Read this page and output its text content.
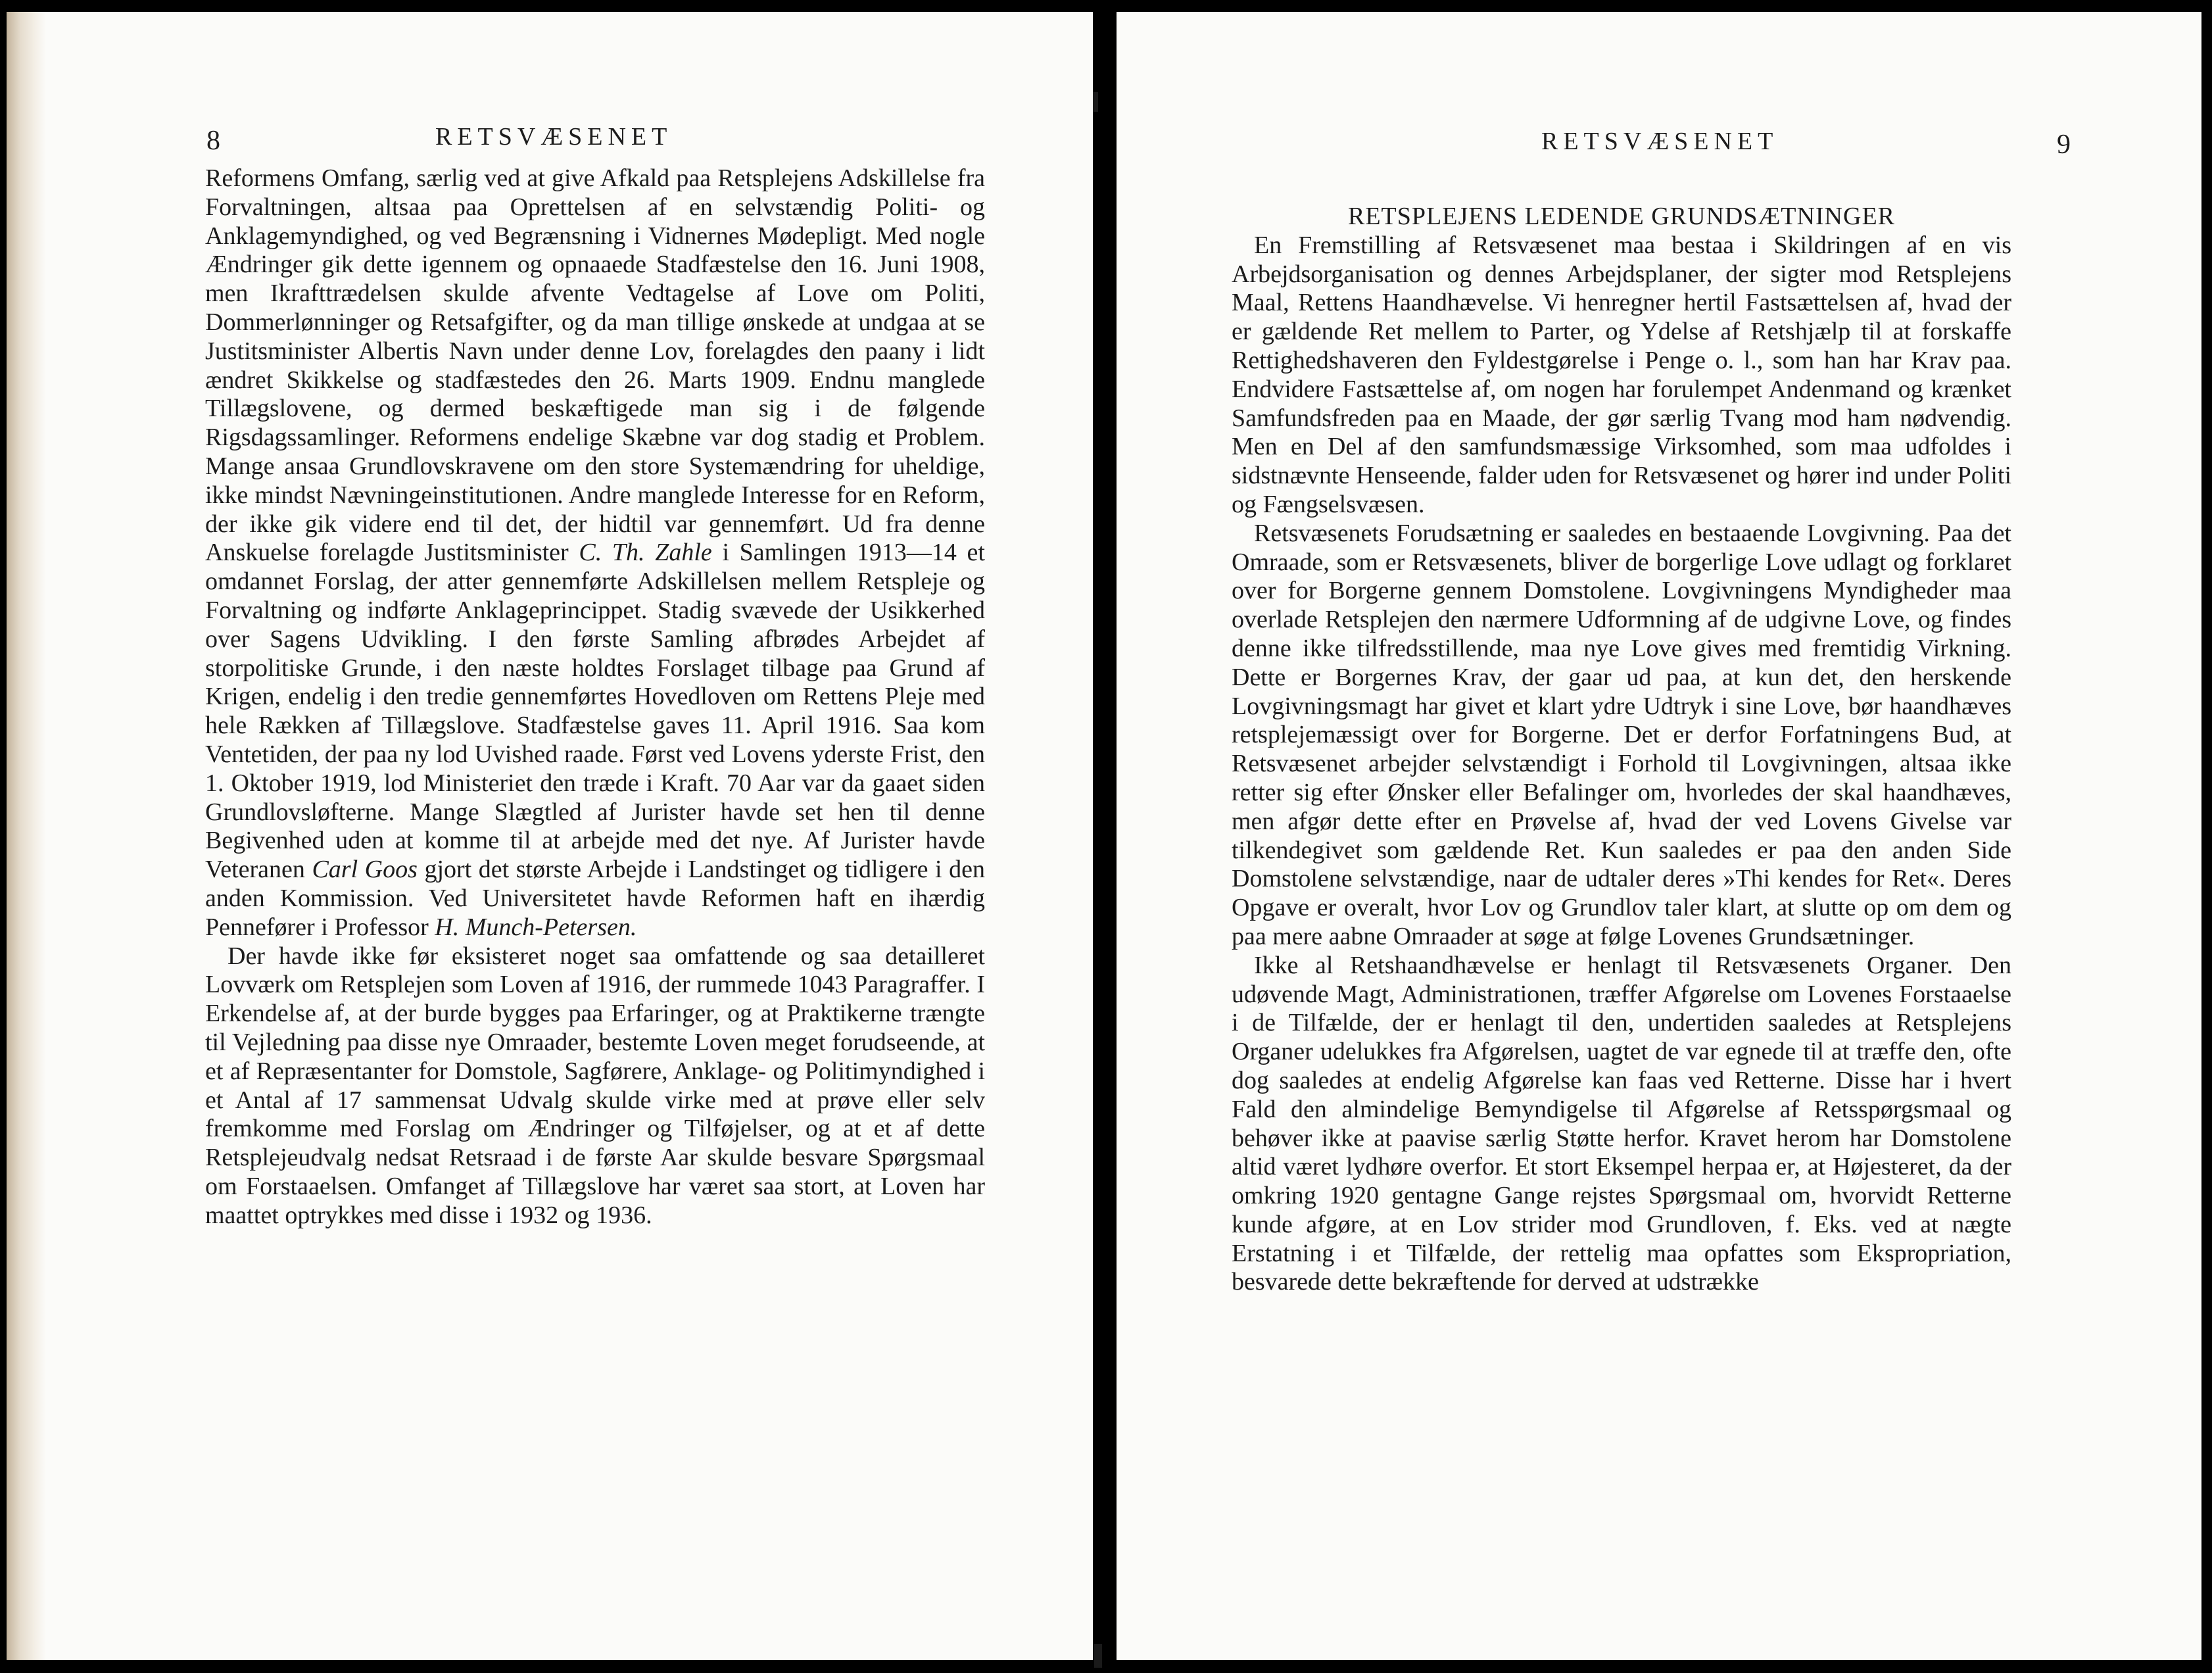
8	RETSVÆSENET

Reformens Omfang, særlig ved at give Afkald paa Retsplejens Adskillelse fra Forvaltningen, altsaa paa Oprettelsen af en selvstændig Politi- og Anklagemyndighed, og ved Begrænsning i Vidnernes Mødepligt. Med nogle Ændringer gik dette igennem og opnaaede Stadfæstelse den 16. Juni 1908, men Ikrafttrædelsen skulde afvente Vedtagelse af Love om Politi, Dommerlønninger og Retsafgifter, og da man tillige ønskede at undgaa at se Justitsminister Albertis Navn under denne Lov, forelagdes den paany i lidt ændret Skikkelse og stadfæstedes den 26. Marts 1909. Endnu manglede Tillægslovene, og dermed beskæftigede man sig i de følgende Rigsdagssamlinger. Reformens endelige Skæbne var dog stadig et Problem. Mange ansaa Grundlovskravene om den store Systemændring for uheldige, ikke mindst Nævningeinstitutionen. Andre manglede Interesse for en Reform, der ikke gik videre end til det, der hidtil var gennemført. Ud fra denne Anskuelse forelagde Justitsminister C. Th. Zahle i Samlingen 1913—14 et omdannet Forslag, der atter gennemførte Adskillelsen mellem Retspleje og Forvaltning og indførte Anklageprincippet. Stadig svævede der Usikkerhed over Sagens Udvikling. I den første Samling afbrødes Arbejdet af storpolitiske Grunde, i den næste holdtes Forslaget tilbage paa Grund af Krigen, endelig i den tredie gennemførtes Hovedloven om Rettens Pleje med hele Rækken af Tillægslove. Stadfæstelse gaves 11. April 1916. Saa kom Ventetiden, der paa ny lod Uvished raade. Først ved Lovens yderste Frist, den 1. Oktober 1919, lod Ministeriet den træde i Kraft. 70 Aar var da gaaet siden Grundlovsløfterne. Mange Slægtled af Jurister havde set hen til denne Begivenhed uden at komme til at arbejde med det nye. Af Jurister havde Veteranen Carl Goos gjort det største Arbejde i Landstinget og tidligere i den anden Kommission. Ved Universitetet havde Reformen haft en ihærdig Pennefører i Professor H. Munch-Petersen.

Der havde ikke før eksisteret noget saa omfattende og saa detailleret Lovværk om Retsplejen som Loven af 1916, der rummede 1043 Paragraffer. I Erkendelse af, at der burde bygges paa Erfaringer, og at Praktikerne trængte til Vejledning paa disse nye Omraader, bestemte Loven meget forudseende, at et af Repræsentanter for Domstole, Sagførere, Anklage- og Politimyndighed i et Antal af 17 sammensat Udvalg skulde virke med at prøve eller selv fremkomme med Forslag om Ændringer og Tilføjelser, og at et af dette Retsplejeudvalg nedsat Retsraad i de første Aar skulde besvare Spørgsmaal om Forstaaelsen. Omfanget af Tillægslove har været saa stort, at Loven har maattet optrykkes med disse i 1932 og 1936.

RETSVÆSENET	9

RETSPLEJENS LEDENDE GRUNDSÆTNINGER

En Fremstilling af Retsvæsenet maa bestaa i Skildringen af en vis Arbejdsorganisation og dennes Arbejdsplaner, der sigter mod Retsplejens Maal, Rettens Haandhævelse. Vi henregner hertil Fastsættelsen af, hvad der er gældende Ret mellem to Parter, og Ydelse af Retshjælp til at forskaffe Rettighedshaveren den Fyldestgørelse i Penge o. l., som han har Krav paa. Endvidere Fastsættelse af, om nogen har forulempet Andenmand og krænket Samfundsfreden paa en Maade, der gør særlig Tvang mod ham nødvendig. Men en Del af den samfundsmæssige Virksomhed, som maa udfoldes i sidstnævnte Henseende, falder uden for Retsvæsenet og hører ind under Politi og Fængselsvæsen.

Retsvæsenets Forudsætning er saaledes en bestaaende Lovgivning. Paa det Omraade, som er Retsvæsenets, bliver de borgerlige Love udlagt og forklaret over for Borgerne gennem Domstolene. Lovgivningens Myndigheder maa overlade Retsplejen den nærmere Udformning af de udgivne Love, og findes denne ikke tilfredsstillende, maa nye Love gives med fremtidig Virkning. Dette er Borgernes Krav, der gaar ud paa, at kun det, den herskende Lovgivningsmagt har givet et klart ydre Udtryk i sine Love, bør haandhæves retsplejemæssigt over for Borgerne. Det er derfor Forfatningens Bud, at Retsvæsenet arbejder selvstændigt i Forhold til Lovgivningen, altsaa ikke retter sig efter Ønsker eller Befalinger om, hvorledes der skal haandhæves, men afgør dette efter en Prøvelse af, hvad der ved Lovens Givelse var tilkendegivet som gældende Ret. Kun saaledes er paa den anden Side Domstolene selvstændige, naar de udtaler deres »Thi kendes for Ret«. Deres Opgave er overalt, hvor Lov og Grundlov taler klart, at slutte op om dem og paa mere aabne Omraader at søge at følge Lovenes Grundsætninger.

Ikke al Retshaandhævelse er henlagt til Retsvæsenets Organer. Den udøvende Magt, Administrationen, træffer Afgørelse om Lovenes Forstaaelse i de Tilfælde, der er henlagt til den, undertiden saaledes at Retsplejens Organer udelukkes fra Afgørelsen, uagtet de var egnede til at træffe den, ofte dog saaledes at endelig Afgørelse kan faas ved Retterne. Disse har i hvert Fald den almindelige Bemyndigelse til Afgørelse af Retsspørgsmaal og behøver ikke at paavise særlig Støtte herfor. Kravet herom har Domstolene altid været lydhøre overfor. Et stort Eksempel herpaa er, at Højesteret, da der omkring 1920 gentagne Gange rejstes Spørgsmaal om, hvorvidt Retterne kunde afgøre, at en Lov strider mod Grundloven, f. Eks. ved at nægte Erstatning i et Tilfælde, der rettelig maa opfattes som Ekspropriation, besvarede dette bekræftende for derved at udstrække
